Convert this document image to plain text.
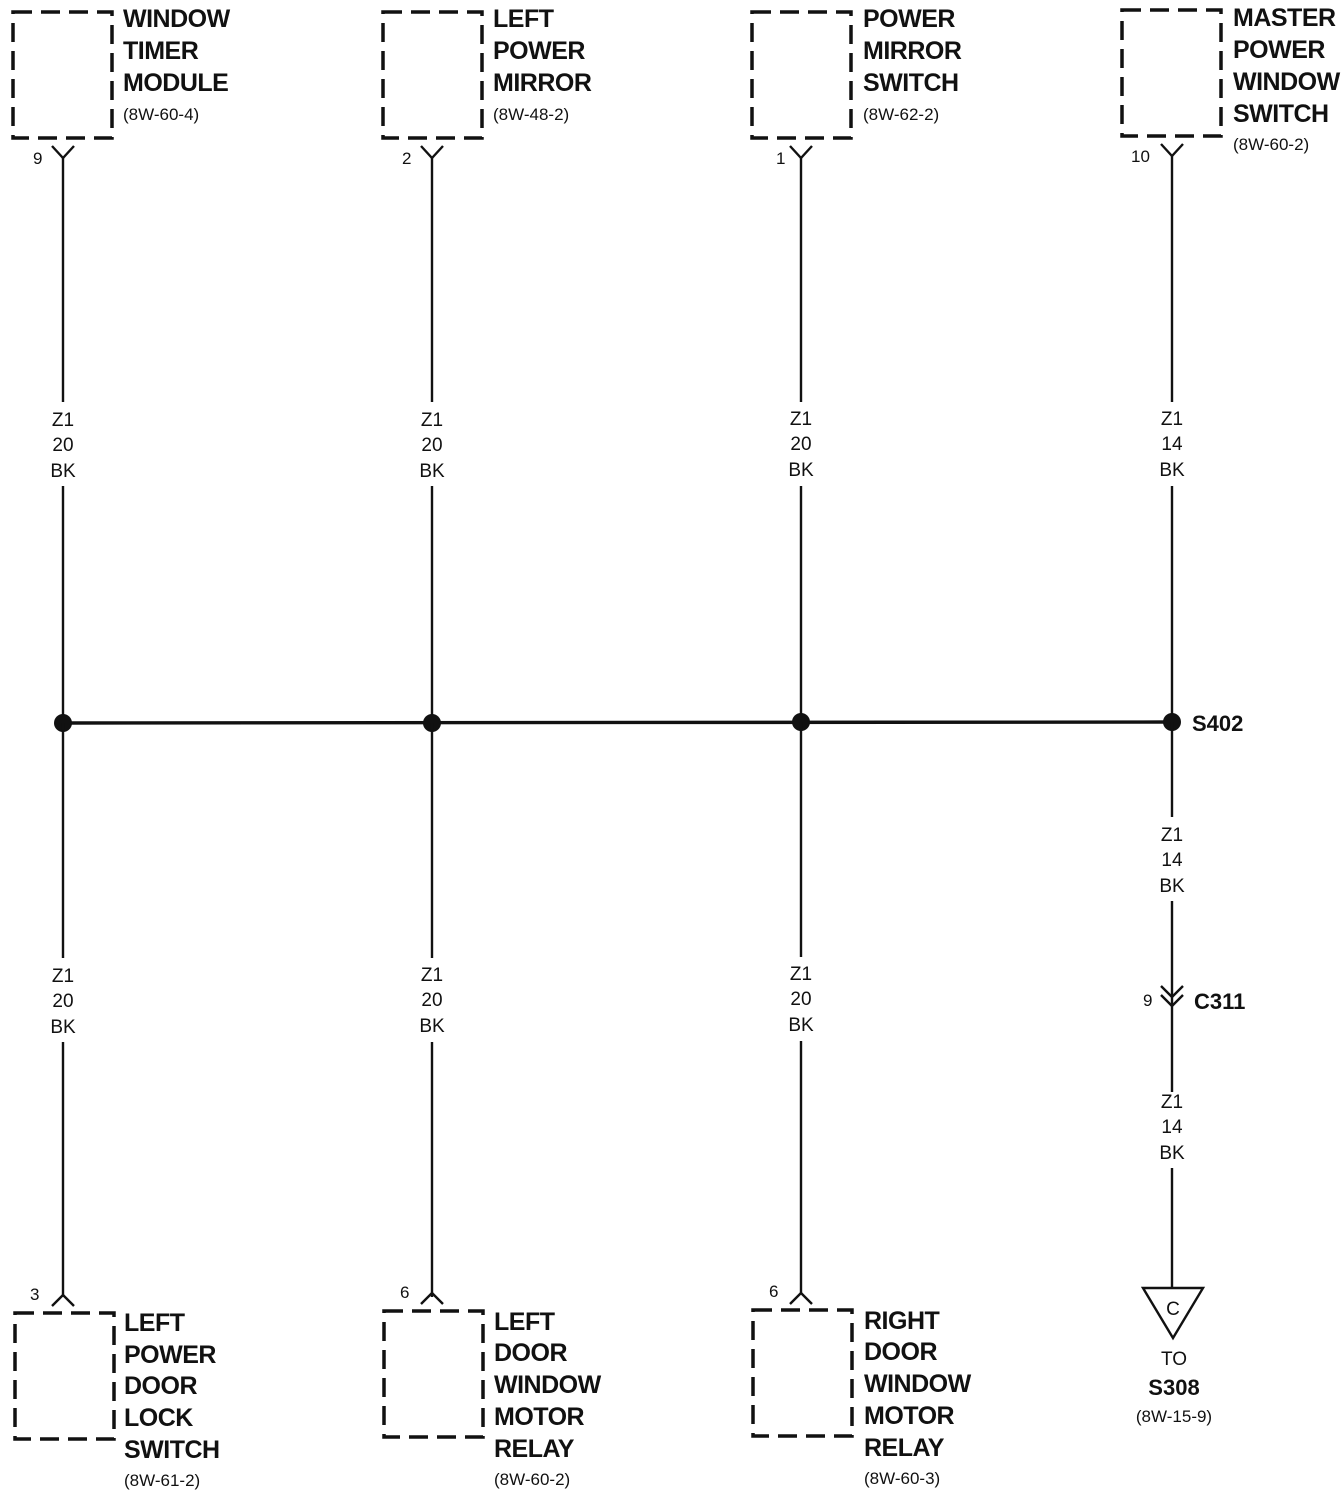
WINDOW
TIMER
MODULE
(8W-60-4)
LEFT
POWER
MIRROR
(8W-48-2)
POWER
MIRROR
SWITCH
(8W-62-2)
MASTER
POWER
WINDOW
SWITCH
(8W-60-2)
9	2	1	10
Z1
20
BK
Z1
20
BK
Z1
20
BK
Z1
14
BK
S402
Z1
20
BK
Z1
20
BK
Z1
20
BK
3	6	6
LEFT
POWER
DOOR
LOCK
SWITCH
(8W-61-2)
LEFT
DOOR
WINDOW
MOTOR
RELAY
(8W-60-2)
RIGHT
DOOR
WINDOW
MOTOR
RELAY
(8W-60-3)
Z1
14
BK
9 C311
Z1
14
BK
C
TO
S308
(8W-15-9)
